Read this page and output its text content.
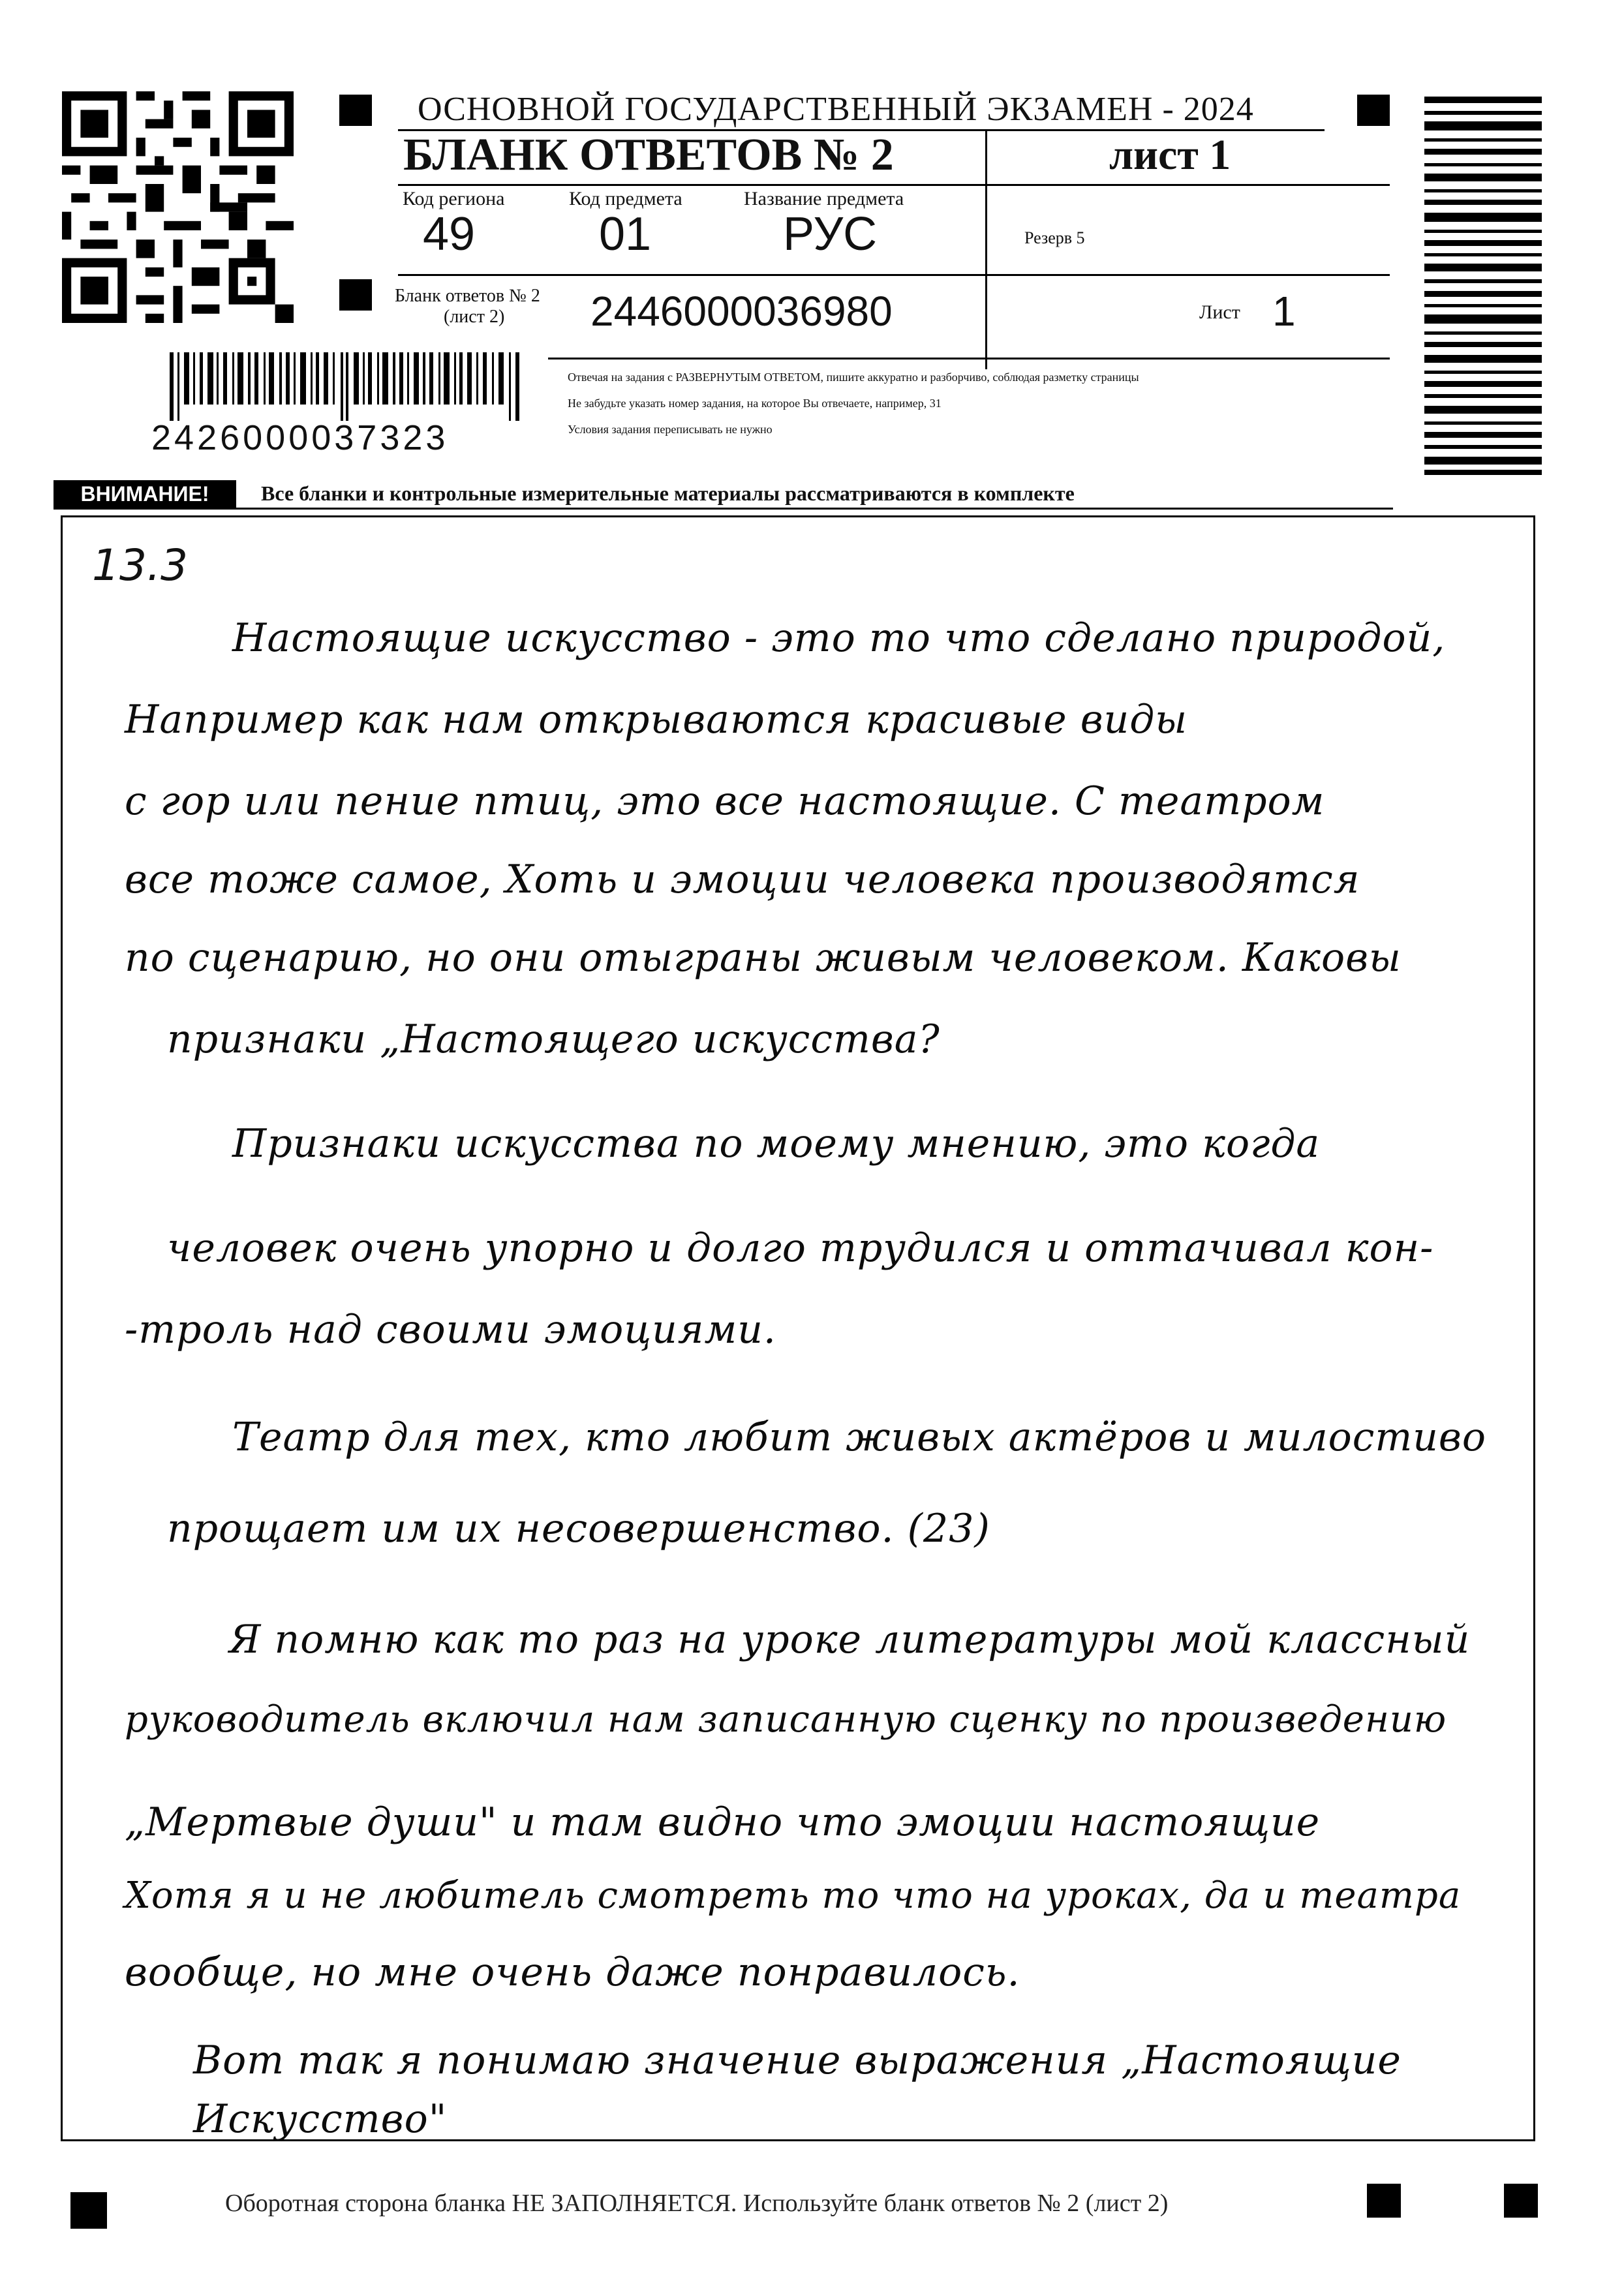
ОСНОВНОЙ ГОСУДАРСТВЕННЫЙ ЭКЗАМЕН - 2024
БЛАНК ОТВЕТОВ № 2	лист 1
Код региона	Код предмета	Название предмета
49	01	РУС	Резерв 5
Бланк ответов № 2
(лист 2) 2446000036980	Лист 1
2426000037323
Отвечая на задания с РАЗВЕРНУТЫМ ОТВЕТОМ, пишите аккуратно и разборчиво, соблюдая разметку страницы
Не забудьте указать номер задания, на которое Вы отвечаете, например, 31
Условия задания переписывать не нужно
ВНИМАНИЕ!	Все бланки и контрольные измерительные материалы рассматриваются в комплекте
13.3
Настоящие искусство - это то что сделано природой,
Например как нам открываются красивые виды
с гор или пение птиц, это все настоящие. С театром
все тоже самое, Хоть и эмоции человека производятся
по сценарию, но они отыграны живым человеком. Каковы
признаки „Настоящего искусства?
Признаки искусства по моему мнению, это когда
человек очень упорно и долго трудился и оттачивал кон-
-троль над своими эмоциями.
Театр для тех, кто любит живых актёров и милостиво
прощает им их несовершенство. (23)
Я помню как то раз на уроке литературы мой классный
руководитель включил нам записанную сценку по произведению
„Мертвые души" и там видно что эмоции настоящие
Хотя я и не любитель смотреть то что на уроках, да и театра
вообще, но мне очень даже понравилось.
Вот так я понимаю значение выражения „Настоящие
Искусство"
Оборотная сторона бланка НЕ ЗАПОЛНЯЕТСЯ. Используйте бланк ответов № 2 (лист 2)
